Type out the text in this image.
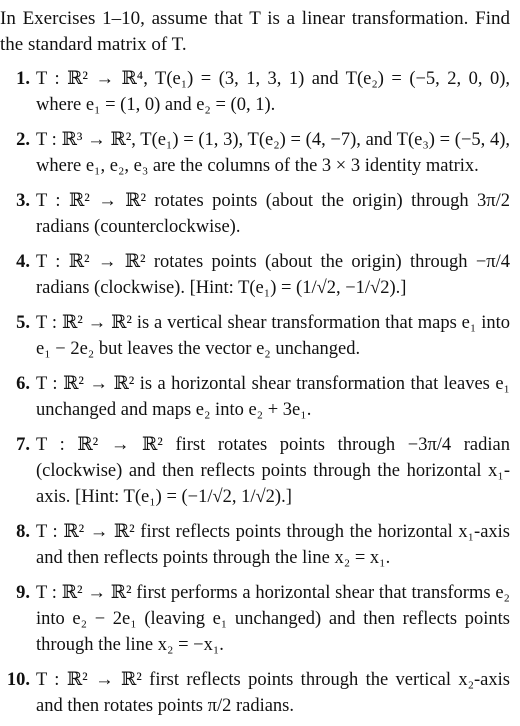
In Exercises 1–10, assume that T is a linear transformation. Find the standard matrix of T.

1. T : ℝ² → ℝ⁴, T(e₁) = (3, 1, 3, 1) and T(e₂) = (−5, 2, 0, 0), where e₁ = (1, 0) and e₂ = (0, 1).
2. T : ℝ³ → ℝ², T(e₁) = (1, 3), T(e₂) = (4, −7), and T(e₃) = (−5, 4), where e₁, e₂, e₃ are the columns of the 3 × 3 identity matrix.
3. T : ℝ² → ℝ² rotates points (about the origin) through 3π/2 radians (counterclockwise).
4. T : ℝ² → ℝ² rotates points (about the origin) through −π/4 radians (clockwise). [Hint: T(e₁) = (1/√2, −1/√2).]
5. T : ℝ² → ℝ² is a vertical shear transformation that maps e₁ into e₁ − 2e₂ but leaves the vector e₂ unchanged.
6. T : ℝ² → ℝ² is a horizontal shear transformation that leaves e₁ unchanged and maps e₂ into e₂ + 3e₁.
7. T : ℝ² → ℝ² first rotates points through −3π/4 radian (clockwise) and then reflects points through the horizontal x₁-axis. [Hint: T(e₁) = (−1/√2, 1/√2).]
8. T : ℝ² → ℝ² first reflects points through the horizontal x₁-axis and then reflects points through the line x₂ = x₁.
9. T : ℝ² → ℝ² first performs a horizontal shear that transforms e₂ into e₂ − 2e₁ (leaving e₁ unchanged) and then reflects points through the line x₂ = −x₁.
10. T : ℝ² → ℝ² first reflects points through the vertical x₂-axis and then rotates points π/2 radians.
